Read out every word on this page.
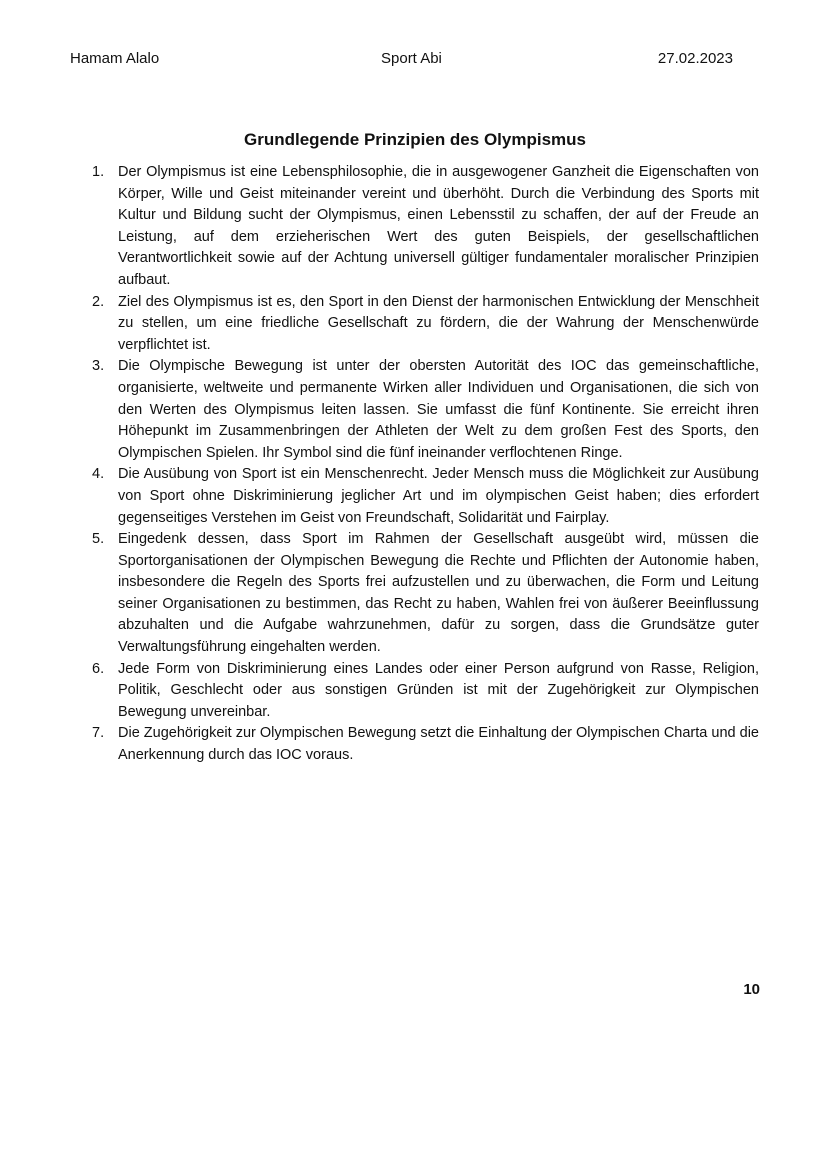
Hamam Alalo	Sport Abi	27.02.2023
Grundlegende Prinzipien des Olympismus
1. Der Olympismus ist eine Lebensphilosophie, die in ausgewogener Ganzheit die Eigenschaften von Körper, Wille und Geist miteinander vereint und überhöht. Durch die Verbindung des Sports mit Kultur und Bildung sucht der Olympismus, einen Lebensstil zu schaffen, der auf der Freude an Leistung, auf dem erzieherischen Wert des guten Beispiels, der gesellschaftlichen Verantwortlichkeit sowie auf der Achtung universell gültiger fundamentaler moralischer Prinzipien aufbaut.
2. Ziel des Olympismus ist es, den Sport in den Dienst der harmonischen Entwicklung der Menschheit zu stellen, um eine friedliche Gesellschaft zu fördern, die der Wahrung der Menschenwürde verpflichtet ist.
3. Die Olympische Bewegung ist unter der obersten Autorität des IOC das gemeinschaftliche, organisierte, weltweite und permanente Wirken aller Individuen und Organisationen, die sich von den Werten des Olympismus leiten lassen. Sie umfasst die fünf Kontinente. Sie erreicht ihren Höhepunkt im Zusammenbringen der Athleten der Welt zu dem großen Fest des Sports, den Olympischen Spielen. Ihr Symbol sind die fünf ineinander verflochtenen Ringe.
4. Die Ausübung von Sport ist ein Menschenrecht. Jeder Mensch muss die Möglichkeit zur Ausübung von Sport ohne Diskriminierung jeglicher Art und im olympischen Geist haben; dies erfordert gegenseitiges Verstehen im Geist von Freundschaft, Solidarität und Fairplay.
5. Eingedenk dessen, dass Sport im Rahmen der Gesellschaft ausgeübt wird, müssen die Sportorganisationen der Olympischen Bewegung die Rechte und Pflichten der Autonomie haben, insbesondere die Regeln des Sports frei aufzustellen und zu überwachen, die Form und Leitung seiner Organisationen zu bestimmen, das Recht zu haben, Wahlen frei von äußerer Beeinflussung abzuhalten und die Aufgabe wahrzunehmen, dafür zu sorgen, dass die Grundsätze guter Verwaltungsführung eingehalten werden.
6. Jede Form von Diskriminierung eines Landes oder einer Person aufgrund von Rasse, Religion, Politik, Geschlecht oder aus sonstigen Gründen ist mit der Zugehörigkeit zur Olympischen Bewegung unvereinbar.
7. Die Zugehörigkeit zur Olympischen Bewegung setzt die Einhaltung der Olympischen Charta und die Anerkennung durch das IOC voraus.
10
